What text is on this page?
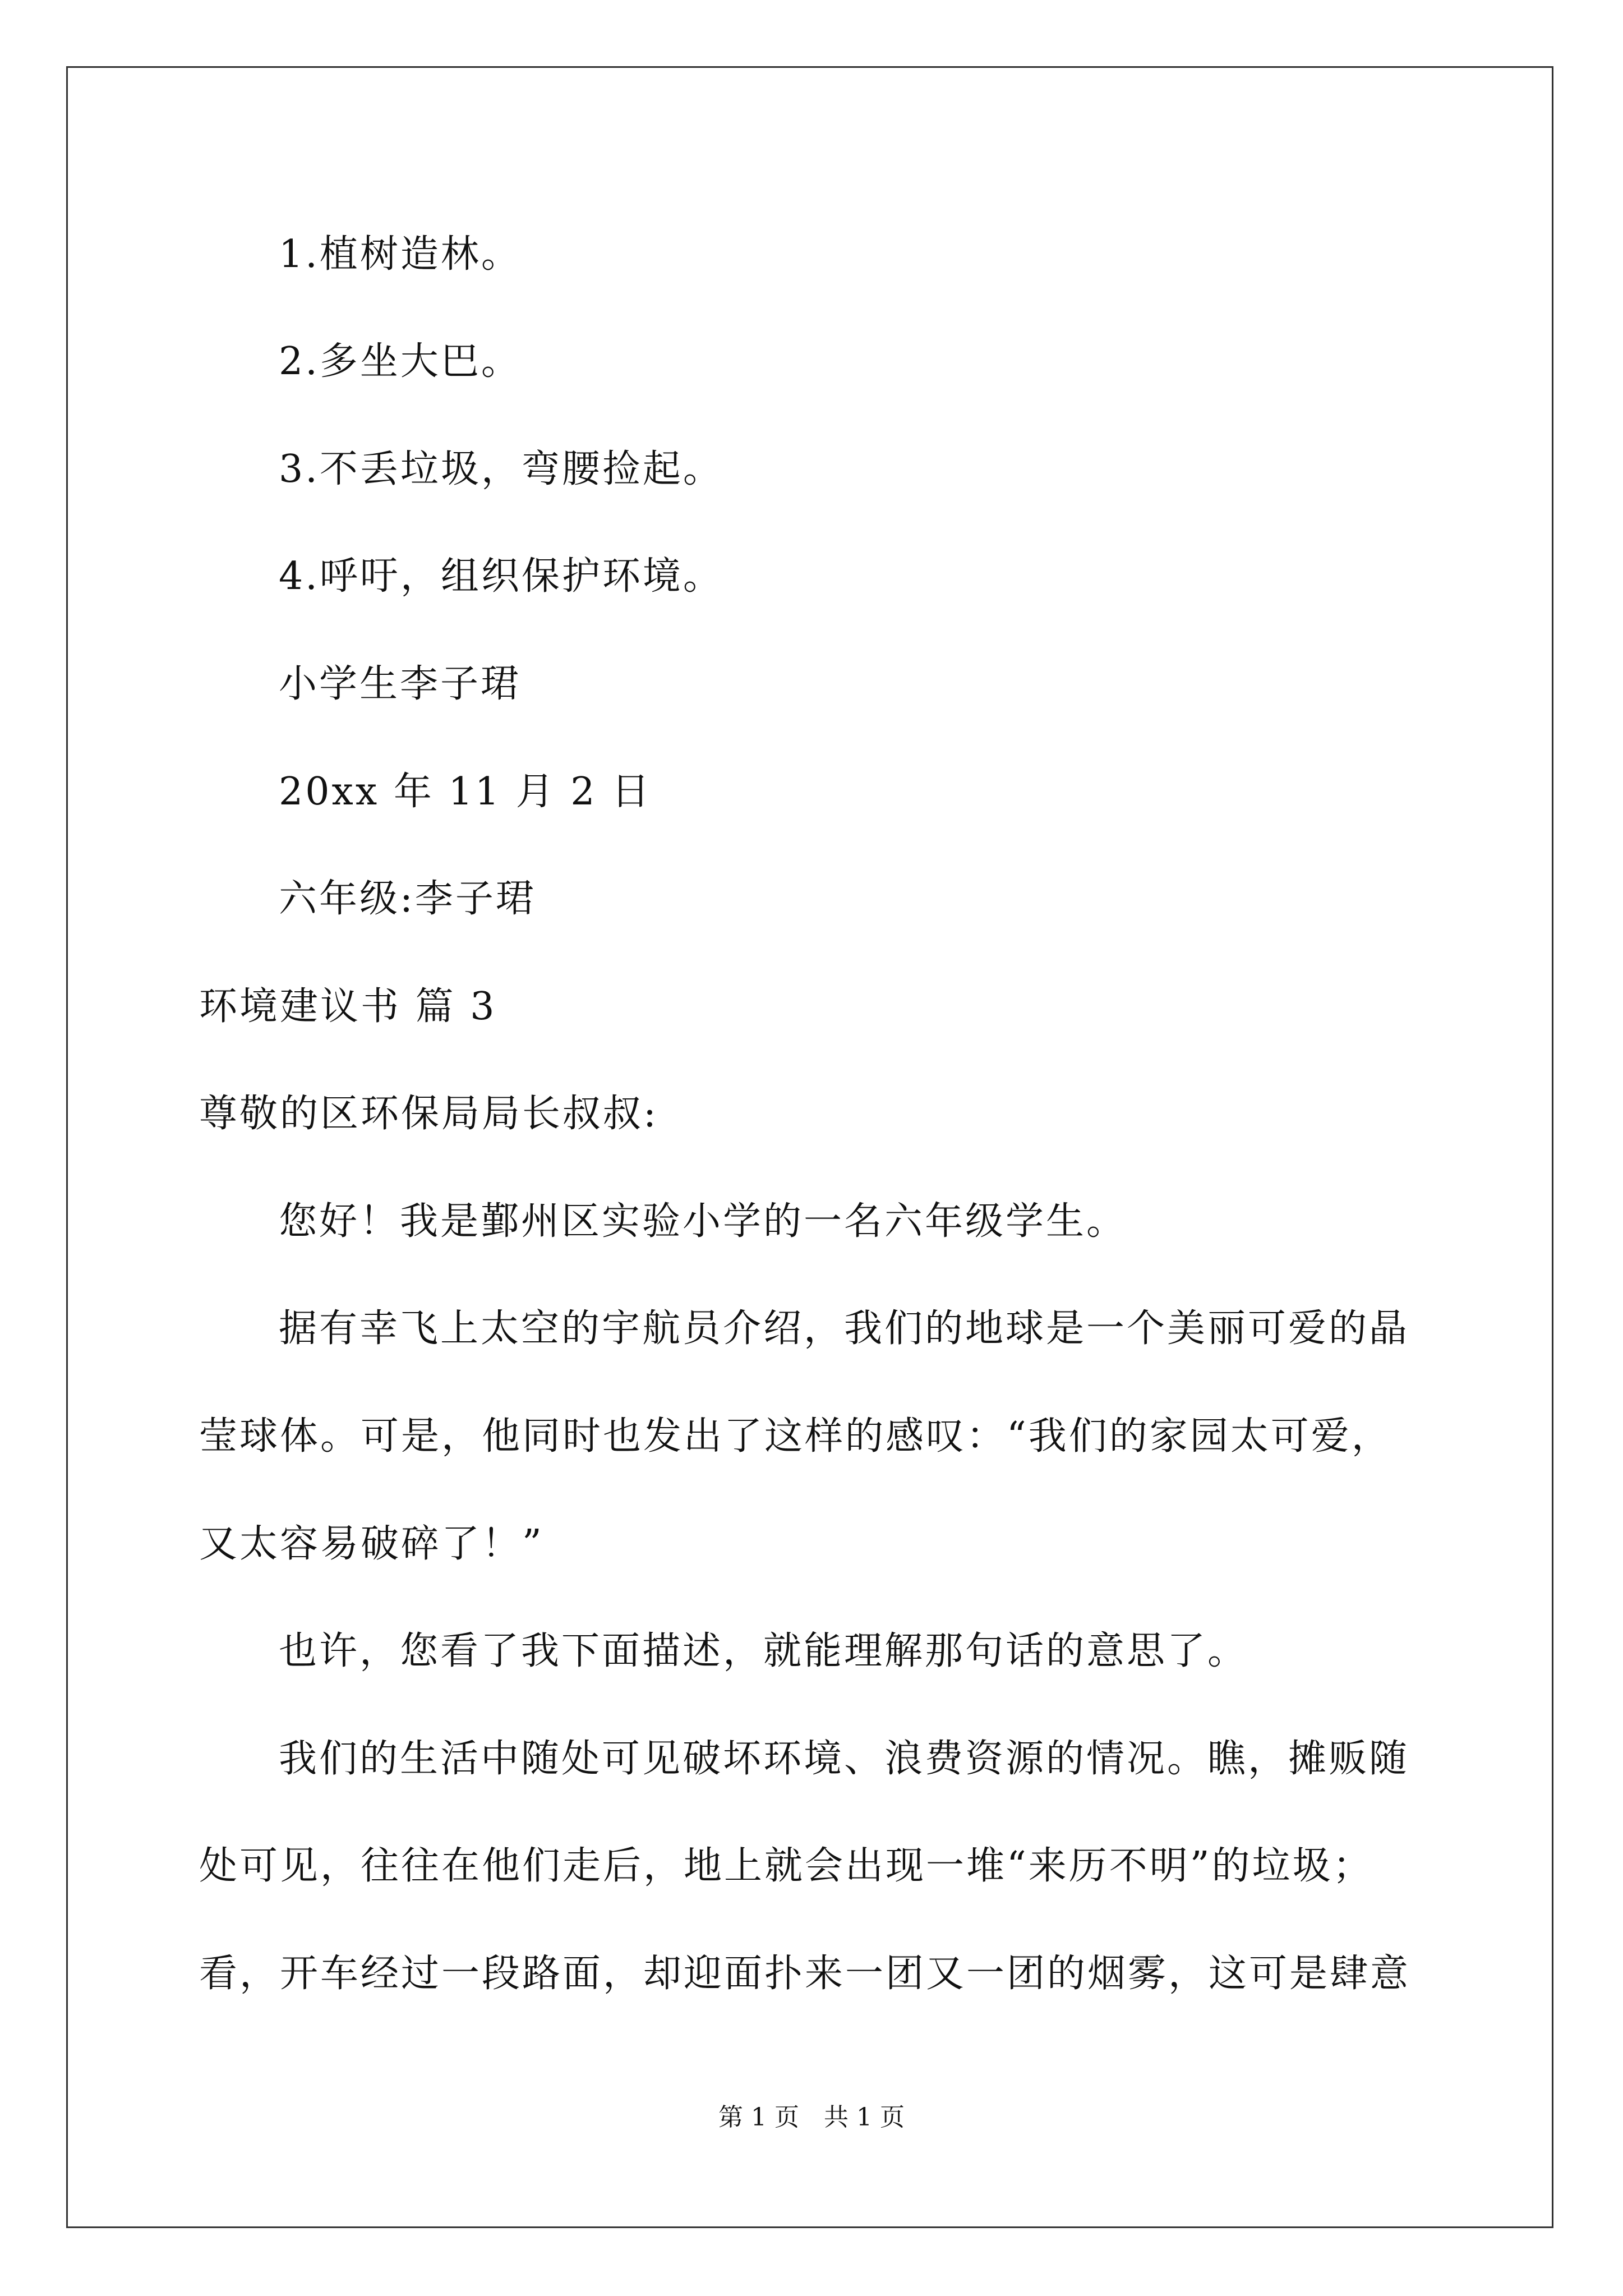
1.植树造林。
2.多坐大巴。
3.不丢垃圾，弯腰捡起。
4.呼吁，组织保护环境。
小学生李子珺
20xx 年 11 月 2 日
六年级:李子珺
环境建议书 篇 3
尊敬的区环保局局长叔叔:
您好！我是鄞州区实验小学的一名六年级学生。
据有幸飞上太空的宇航员介绍，我们的地球是一个美丽可爱的晶
莹球体。可是，他同时也发出了这样的感叹：“我们的家园太可爱，
又太容易破碎了！”
也许，您看了我下面描述，就能理解那句话的意思了。
我们的生活中随处可见破坏环境、浪费资源的情况。瞧，摊贩随
处可见，往往在他们走后，地上就会出现一堆“来历不明”的垃圾；
看，开车经过一段路面，却迎面扑来一团又一团的烟雾，这可是肆意
第 1 页　共 1 页
